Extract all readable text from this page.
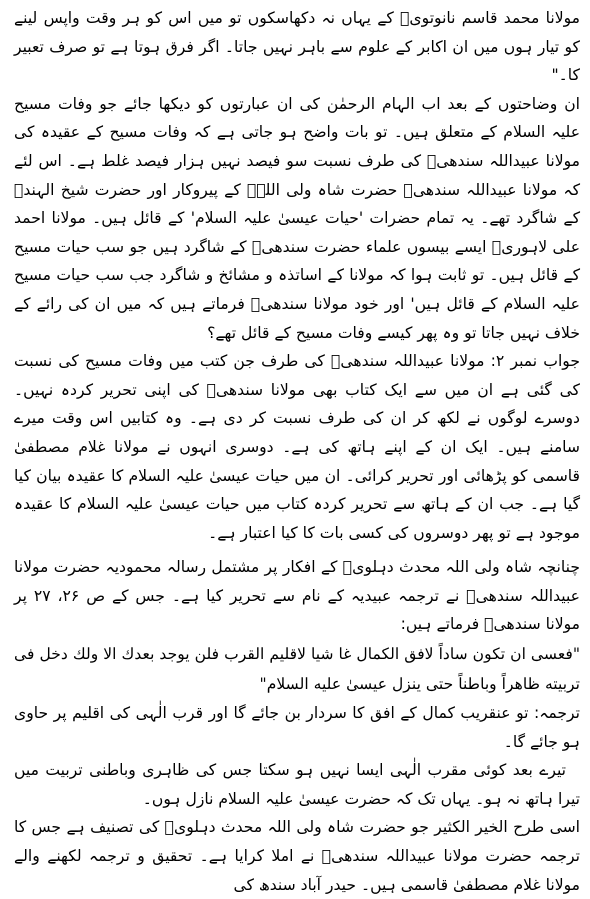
مولانا محمد قاسم نانوتویؒ کے یہاں نہ دکھاسکوں تو میں اس کو ہر وقت واپس لینے کو تیار ہوں میں ان اکابر کے علوم سے باہر نہیں جاتا۔ اگر فرق ہوتا ہے تو صرف تعبیر کا۔"

ان وضاحتوں کے بعد اب الہام الرحمٰن کی ان عبارتوں کو دیکھا جائے جو وفات مسیح علیہ السلام کے متعلق ہیں۔ تو بات واضح ہو جاتی ہے کہ وفات مسیح کے عقیدہ کی مولانا عبیداللہ سندھیؒ کی طرف نسبت سو فیصد نہیں ہزار فیصد غلط ہے۔ اس لئے کہ مولانا عبیداللہ سندھیؒ حضرت شاہ ولی اللہؒ کے پیروکار اور حضرت شیخ الہندؒ کے شاگرد تھے۔ یہ تمام حضرات 'حیات عیسیٰ علیہ السلام' کے قائل ہیں۔ مولانا احمد علی لاہوریؒ ایسے بیسوں علماء حضرت سندھیؒ کے شاگرد ہیں جو سب حیات مسیح کے قائل ہیں۔ تو ثابت ہوا کہ مولانا کے اساتذہ و مشائخ و شاگرد جب سب حیات مسیح علیہ السلام کے قائل ہیں' اور خود مولانا سندھیؒ فرماتے ہیں کہ میں ان کی رائے کے خلاف نہیں جاتا تو وہ پھر کیسے وفات مسیح کے قائل تھے؟

جواب نمبر ۲: مولانا عبیداللہ سندھیؒ کی طرف جن کتب میں وفات مسیح کی نسبت کی گئی ہے ان میں سے ایک کتاب بھی مولانا سندھیؒ کی اپنی تحریر کردہ نہیں۔ دوسرے لوگوں نے لکھ کر ان کی طرف نسبت کر دی ہے۔ وہ کتابیں اس وقت میرے سامنے ہیں۔ ایک ان کے اپنے ہاتھ کی ہے۔ دوسری انہوں نے مولانا غلام مصطفیٰ قاسمی کو پڑھائی اور تحریر کرائی۔ ان میں حیات عیسیٰ علیہ السلام کا عقیدہ بیان کیا گیا ہے۔ جب ان کے ہاتھ سے تحریر کردہ کتاب میں حیات عیسیٰ علیہ السلام کا عقیدہ موجود ہے تو پھر دوسروں کی کسی بات کا کیا اعتبار ہے۔

چنانچہ شاہ ولی اللہ محدث دہلویؒ کے افکار پر مشتمل رسالہ محمودیہ حضرت مولانا عبیداللہ سندھیؒ نے ترجمہ عبیدیہ کے نام سے تحریر کیا ہے۔ جس کے ص ۲۶، ۲۷ پر مولانا سندھیؒ فرماتے ہیں:

"فعسى ان تكون ساداً لافق الكمال غا شيا لاقليم القرب فلن يوجد بعدك الا ولك دخل فى تربيته ظاهراً وباطناً حتى ينزل عيسىٰ عليه السلام"

ترجمہ: تو عنقریب کمال کے افق کا سردار بن جائے گا اور قرب الٰہی کی اقلیم پر حاوی ہو جائے گا۔

تیرے بعد کوئی مقرب الٰہی ایسا نہیں ہو سکتا جس کی ظاہری وباطنی تربیت میں تیرا ہاتھ نہ ہو۔ یہاں تک کہ حضرت عیسیٰ علیہ السلام نازل ہوں۔

اسی طرح الخیر الکثیر جو حضرت شاہ ولی اللہ محدث دہلویؒ کی تصنیف ہے جس کا ترجمہ حضرت مولانا عبیداللہ سندھیؒ نے املا کرایا ہے۔ تحقیق و ترجمہ لکھنے والے مولانا غلام مصطفیٰ قاسمی ہیں۔ حیدر آباد سندھ کی
